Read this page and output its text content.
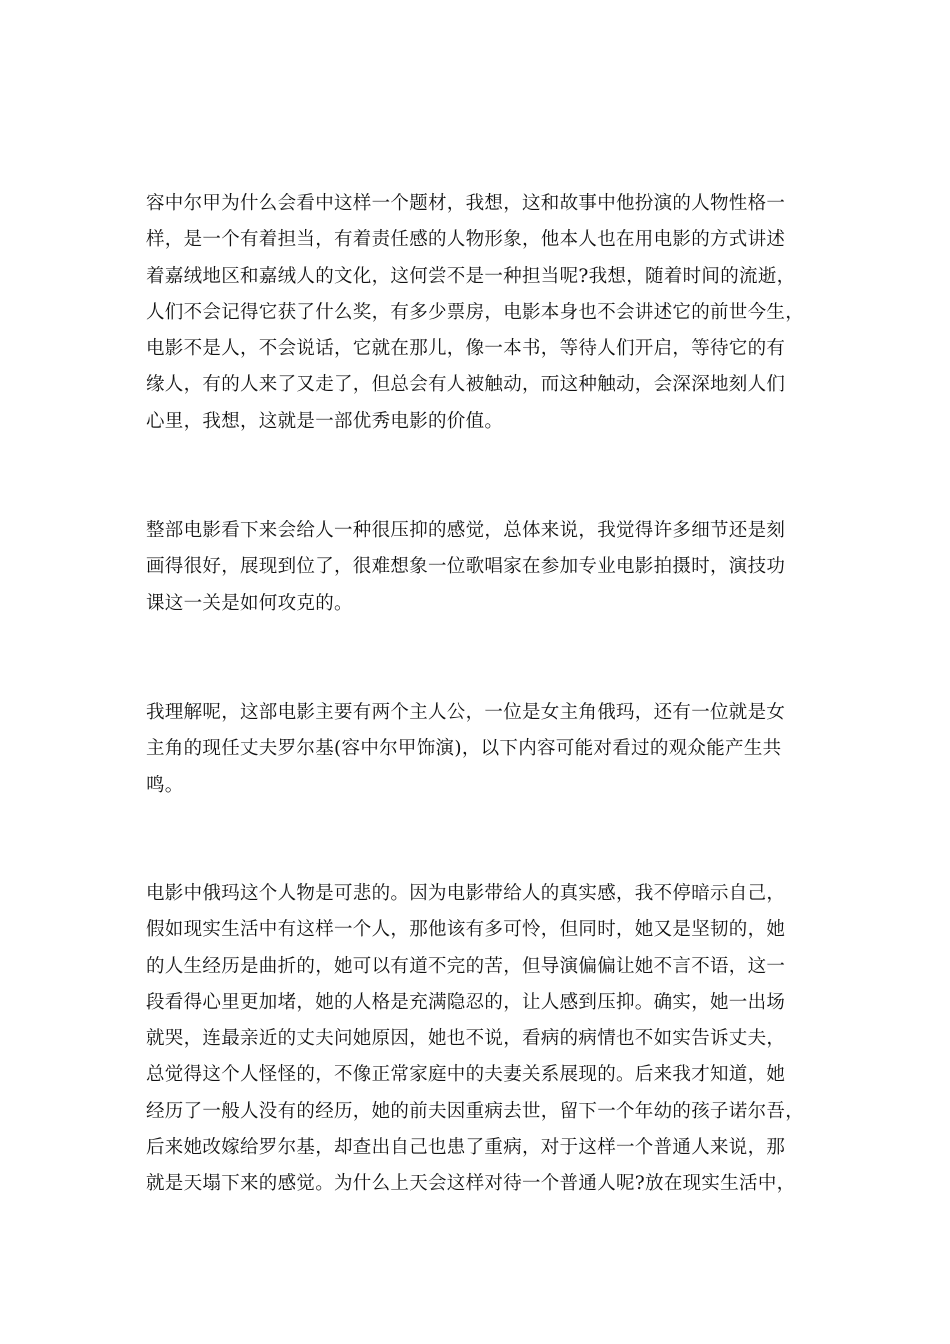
容中尔甲为什么会看中这样一个题材，我想，这和故事中他扮演的人物性格一
样，是一个有着担当，有着责任感的人物形象，他本人也在用电影的方式讲述
着嘉绒地区和嘉绒人的文化，这何尝不是一种担当呢?我想，随着时间的流逝，
人们不会记得它获了什么奖，有多少票房，电影本身也不会讲述它的前世今生，
电影不是人，不会说话，它就在那儿，像一本书，等待人们开启，等待它的有
缘人，有的人来了又走了，但总会有人被触动，而这种触动，会深深地刻人们
心里，我想，这就是一部优秀电影的价值。
整部电影看下来会给人一种很压抑的感觉，总体来说，我觉得许多细节还是刻
画得很好，展现到位了，很难想象一位歌唱家在参加专业电影拍摄时，演技功
课这一关是如何攻克的。
我理解呢，这部电影主要有两个主人公，一位是女主角俄玛，还有一位就是女
主角的现任丈夫罗尔基(容中尔甲饰演)，以下内容可能对看过的观众能产生共
鸣。
电影中俄玛这个人物是可悲的。因为电影带给人的真实感，我不停暗示自己，
假如现实生活中有这样一个人，那他该有多可怜，但同时，她又是坚韧的，她
的人生经历是曲折的，她可以有道不完的苦，但导演偏偏让她不言不语，这一
段看得心里更加堵，她的人格是充满隐忍的，让人感到压抑。确实，她一出场
就哭，连最亲近的丈夫问她原因，她也不说，看病的病情也不如实告诉丈夫，
总觉得这个人怪怪的，不像正常家庭中的夫妻关系展现的。后来我才知道，她
经历了一般人没有的经历，她的前夫因重病去世，留下一个年幼的孩子诺尔吾，
后来她改嫁给罗尔基，却查出自己也患了重病，对于这样一个普通人来说，那
就是天塌下来的感觉。为什么上天会这样对待一个普通人呢?放在现实生活中，
